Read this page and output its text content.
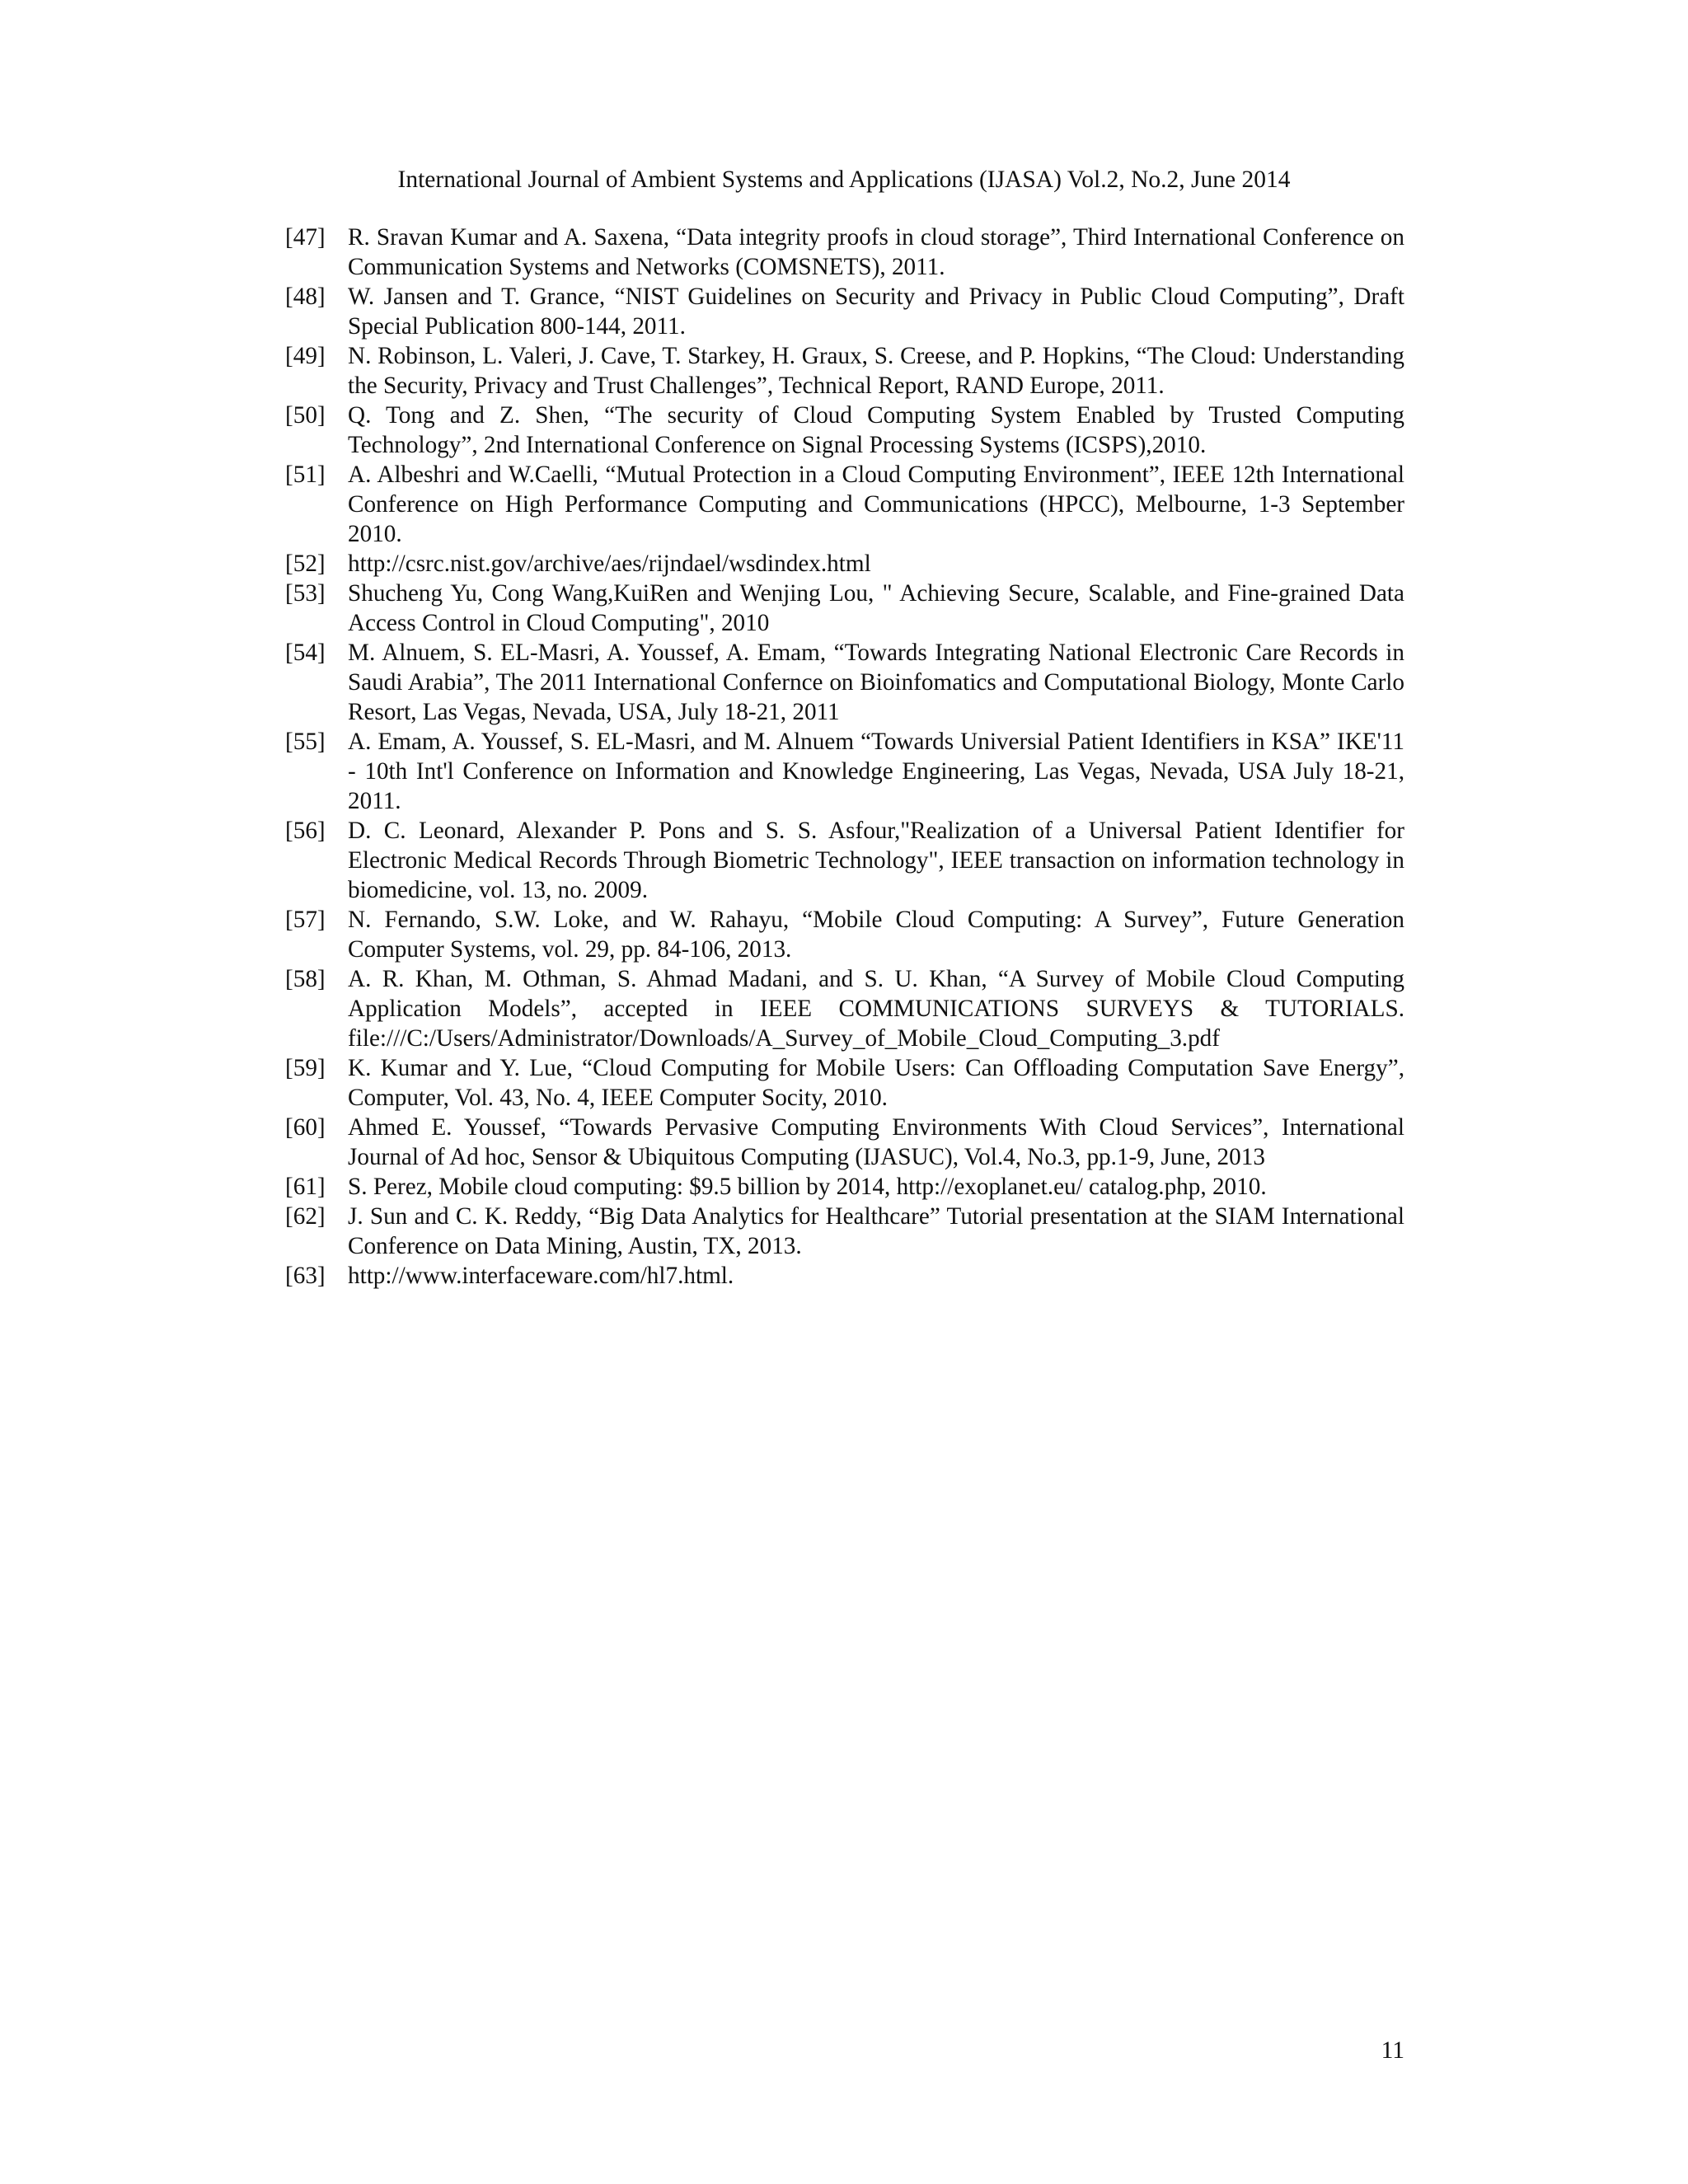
International Journal of Ambient Systems and Applications (IJASA) Vol.2, No.2, June 2014
[47] R. Sravan Kumar and A. Saxena, “Data integrity proofs in cloud storage”, Third International Conference on Communication Systems and Networks (COMSNETS), 2011.
[48] W. Jansen and T. Grance, “NIST Guidelines on Security and Privacy in Public Cloud Computing”, Draft Special Publication 800-144, 2011.
[49] N. Robinson, L. Valeri, J. Cave, T. Starkey, H. Graux, S. Creese, and P. Hopkins, “The Cloud: Understanding the Security, Privacy and Trust Challenges”, Technical Report, RAND Europe, 2011.
[50] Q. Tong and Z. Shen, “The security of Cloud Computing System Enabled by Trusted Computing Technology”, 2nd International Conference on Signal Processing Systems (ICSPS),2010.
[51] A. Albeshri and W.Caelli, “Mutual Protection in a Cloud Computing Environment”, IEEE 12th International Conference on High Performance Computing and Communications (HPCC), Melbourne, 1-3 September 2010.
[52] http://csrc.nist.gov/archive/aes/rijndael/wsdindex.html
[53] Shucheng Yu, Cong Wang,KuiRen and Wenjing Lou, " Achieving Secure, Scalable, and Fine-grained Data Access Control in Cloud Computing", 2010
[54] M. Alnuem, S. EL-Masri, A. Youssef, A. Emam, “Towards Integrating National Electronic Care Records in Saudi Arabia”, The 2011 International Confernce on Bioinfomatics and Computational Biology, Monte Carlo Resort, Las Vegas, Nevada, USA, July 18-21, 2011
[55] A. Emam, A. Youssef, S. EL-Masri, and M. Alnuem “Towards Universial Patient Identifiers in KSA” IKE'11 - 10th Int'l Conference on Information and Knowledge Engineering, Las Vegas, Nevada, USA July 18-21, 2011.
[56] D. C. Leonard, Alexander P. Pons and S. S. Asfour,"Realization of a Universal Patient Identifier for Electronic Medical Records Through Biometric Technology", IEEE transaction on information technology in biomedicine, vol. 13, no. 2009.
[57] N. Fernando, S.W. Loke, and W. Rahayu, “Mobile Cloud Computing: A Survey”, Future Generation Computer Systems, vol. 29, pp. 84-106, 2013.
[58] A. R. Khan, M. Othman, S. Ahmad Madani, and S. U. Khan, “A Survey of Mobile Cloud Computing Application Models”, accepted in IEEE COMMUNICATIONS SURVEYS & TUTORIALS. file:///C:/Users/Administrator/Downloads/A_Survey_of_Mobile_Cloud_Computing_3.pdf
[59] K. Kumar and Y. Lue, “Cloud Computing for Mobile Users: Can Offloading Computation Save Energy”, Computer, Vol. 43, No. 4, IEEE Computer Socity, 2010.
[60] Ahmed E. Youssef, “Towards Pervasive Computing Environments With Cloud Services”, International Journal of Ad hoc, Sensor & Ubiquitous Computing (IJASUC), Vol.4, No.3, pp.1-9, June, 2013
[61] S. Perez, Mobile cloud computing: $9.5 billion by 2014, http://exoplanet.eu/ catalog.php, 2010.
[62] J. Sun and C. K. Reddy, “Big Data Analytics for Healthcare” Tutorial presentation at the SIAM International Conference on Data Mining, Austin, TX, 2013.
[63] http://www.interfaceware.com/hl7.html.
11
